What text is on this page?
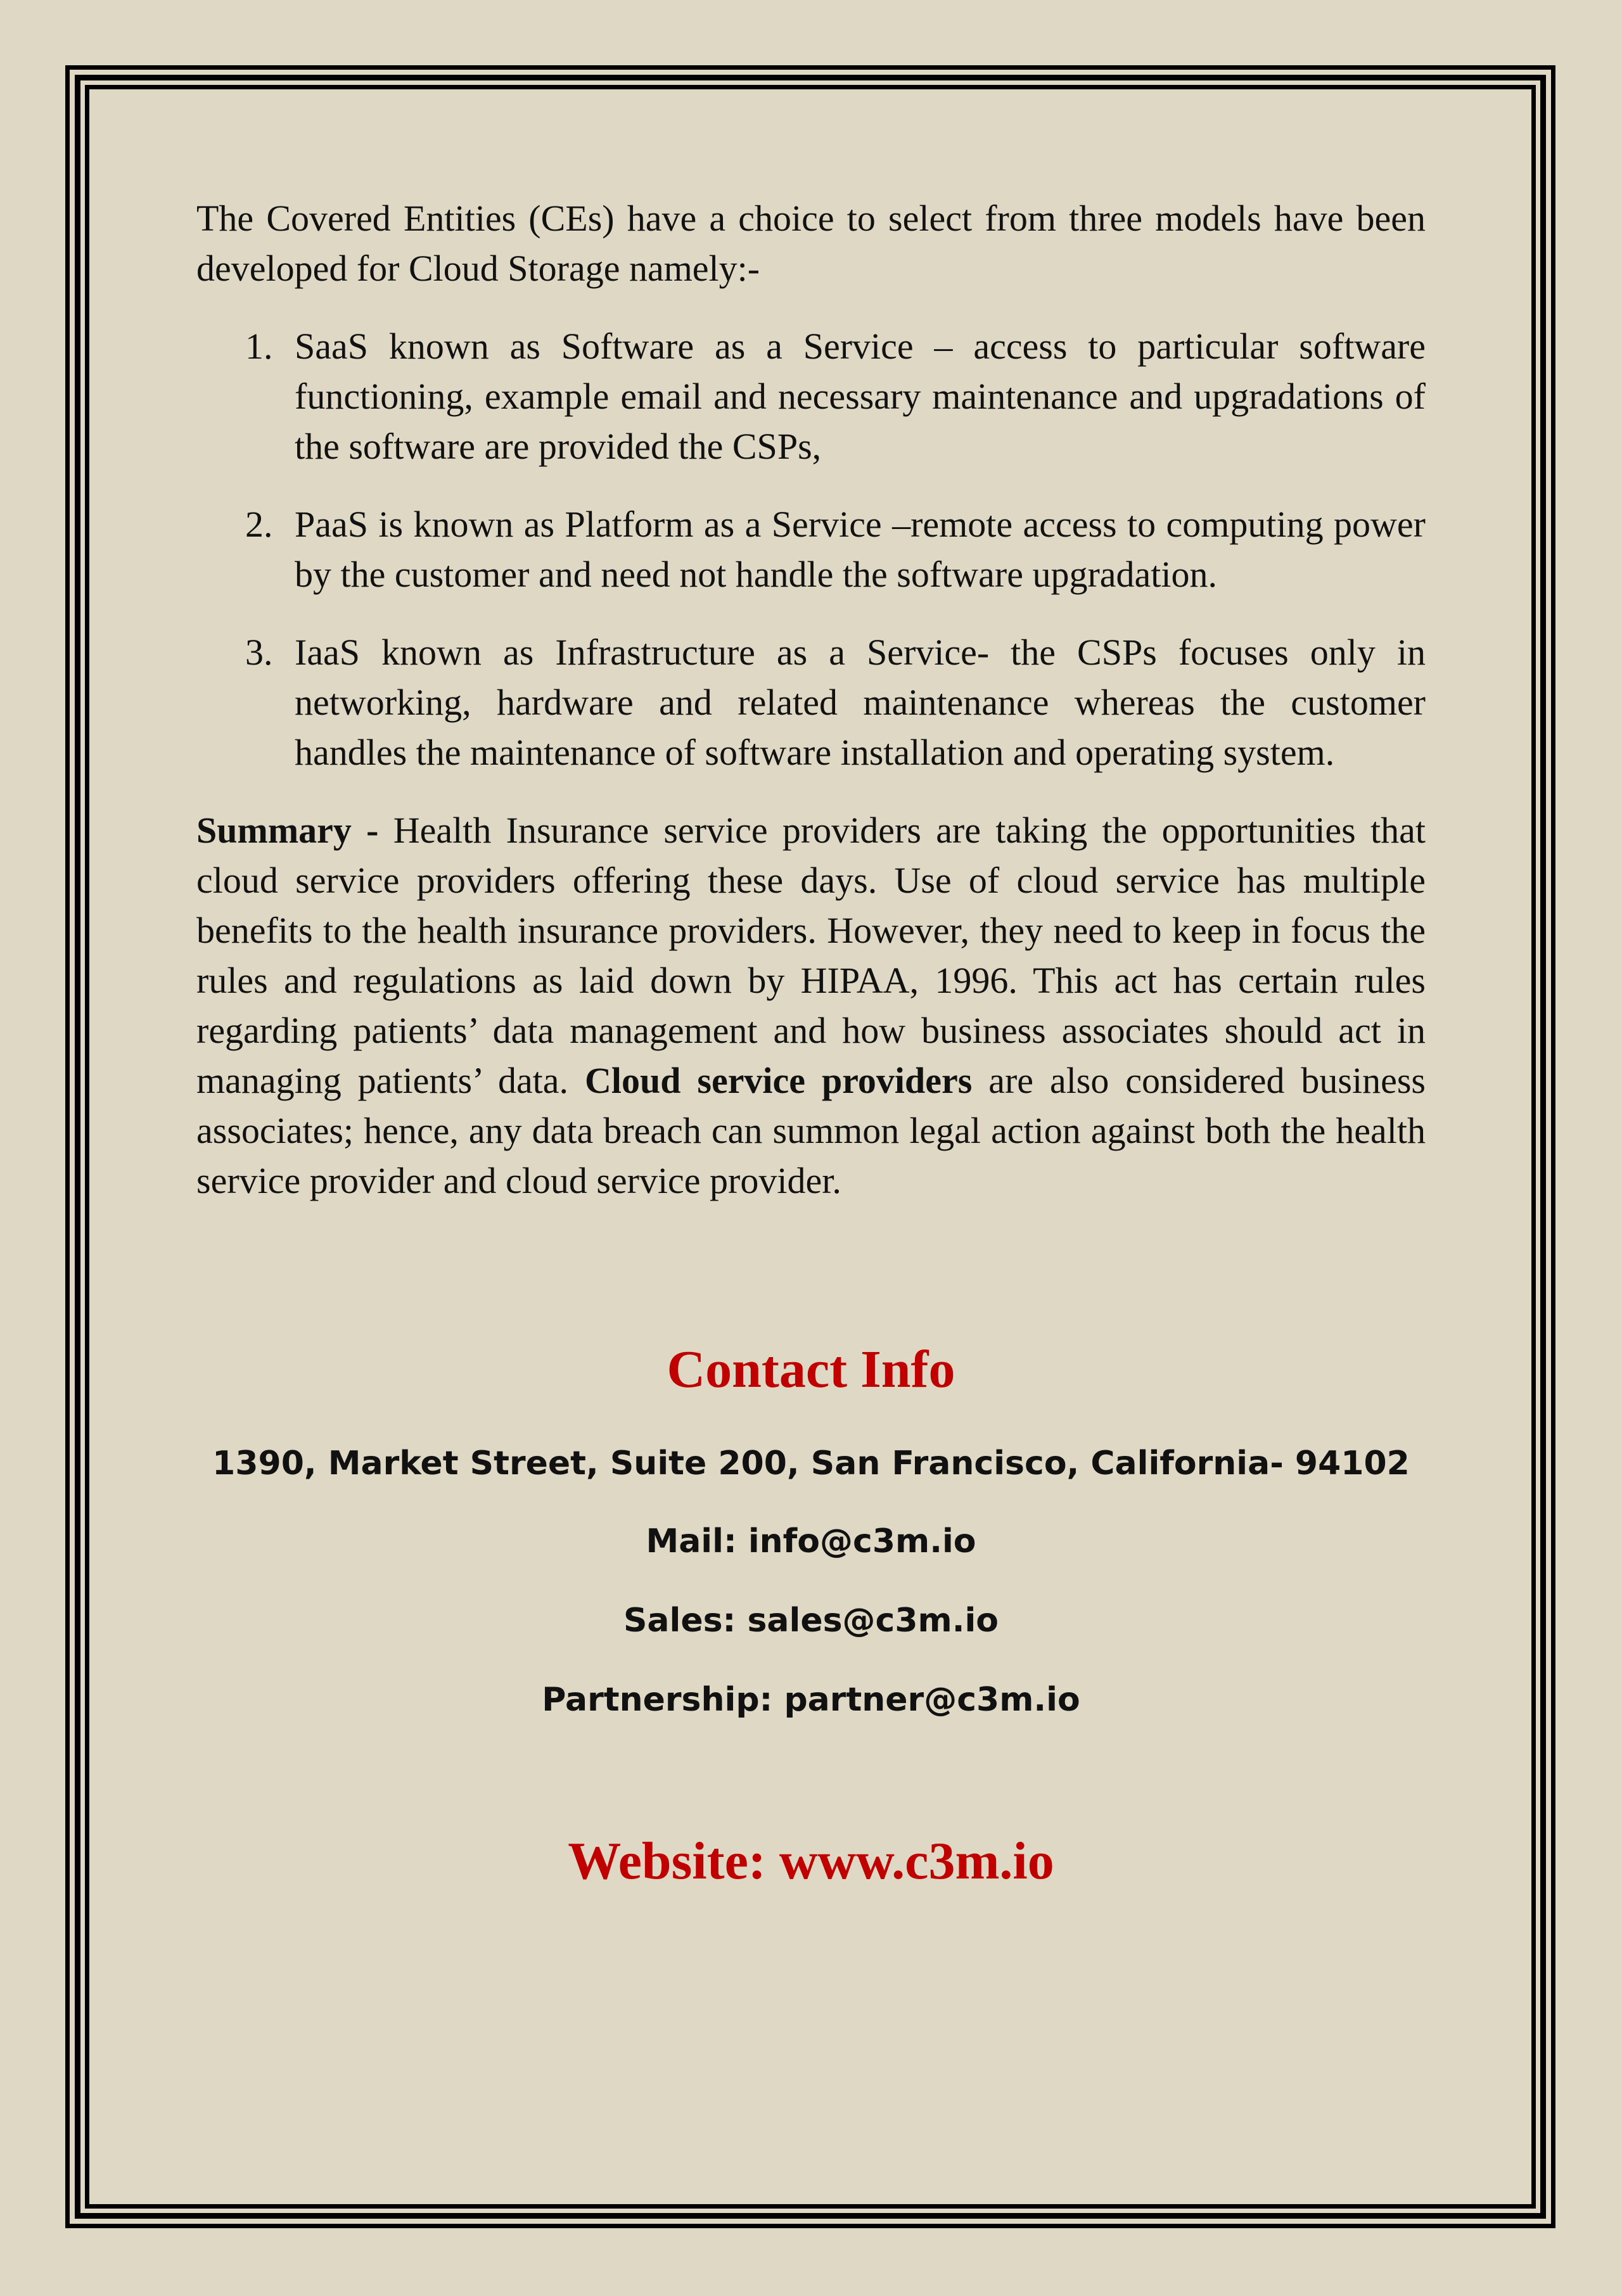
The Covered Entities (CEs) have a choice to select from three models have been developed for Cloud Storage namely:-

1. SaaS known as Software as a Service – access to particular software functioning, example email and necessary maintenance and upgradations of the software are provided the CSPs,
2. PaaS is known as Platform as a Service –remote access to computing power by the customer and need not handle the software upgradation.
3. IaaS known as Infrastructure as a Service- the CSPs focuses only in networking, hardware and related maintenance whereas the customer handles the maintenance of software installation and operating system.

Summary - Health Insurance service providers are taking the opportunities that cloud service providers offering these days. Use of cloud service has multiple benefits to the health insurance providers. However, they need to keep in focus the rules and regulations as laid down by HIPAA, 1996. This act has certain rules regarding patients’ data management and how business associates should act in managing patients’ data. Cloud service providers are also considered business associates; hence, any data breach can summon legal action against both the health service provider and cloud service provider.

Contact Info
1390, Market Street, Suite 200, San Francisco, California- 94102
Mail: info@c3m.io
Sales: sales@c3m.io
Partnership: partner@c3m.io
Website: www.c3m.io
